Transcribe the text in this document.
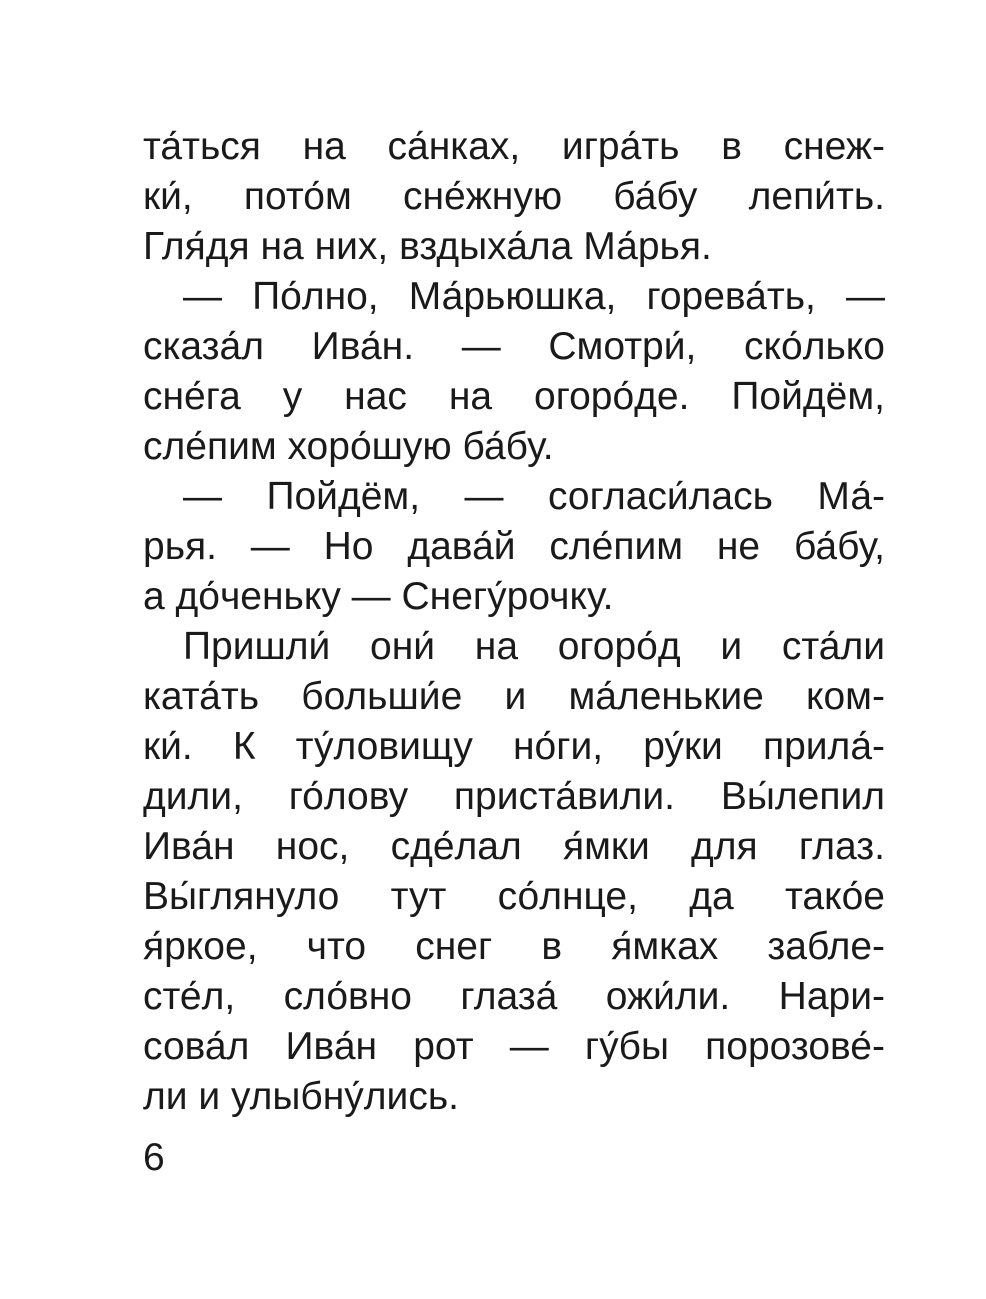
та́ться на са́нках, игра́ть в снеж-
ки́, пото́м сне́жную ба́бу лепи́ть.
Гля́дя на них, вздыха́ла Ма́рья.
— По́лно, Ма́рьюшка, горева́ть, —
сказа́л Ива́н. — Смотри́, ско́лько
сне́га у нас на огоро́де. Пойдём,
сле́пим хоро́шую ба́бу.
— Пойдём, — согласи́лась Ма́-
рья. — Но дава́й сле́пим не ба́бу,
а до́ченьку — Снегу́рочку.
Пришли́ они́ на огоро́д и ста́ли
ката́ть больши́е и ма́ленькие ком-
ки́. К ту́ловищу но́ги, ру́ки прила́-
дили, го́лову приста́вили. Вы́лепил
Ива́н нос, сде́лал я́мки для глаз.
Вы́глянуло тут со́лнце, да тако́е
я́ркое, что снег в я́мках забле-
сте́л, сло́вно глаза́ ожи́ли. Нари-
сова́л Ива́н рот — гу́бы порозове́-
ли и улыбну́лись.
6
